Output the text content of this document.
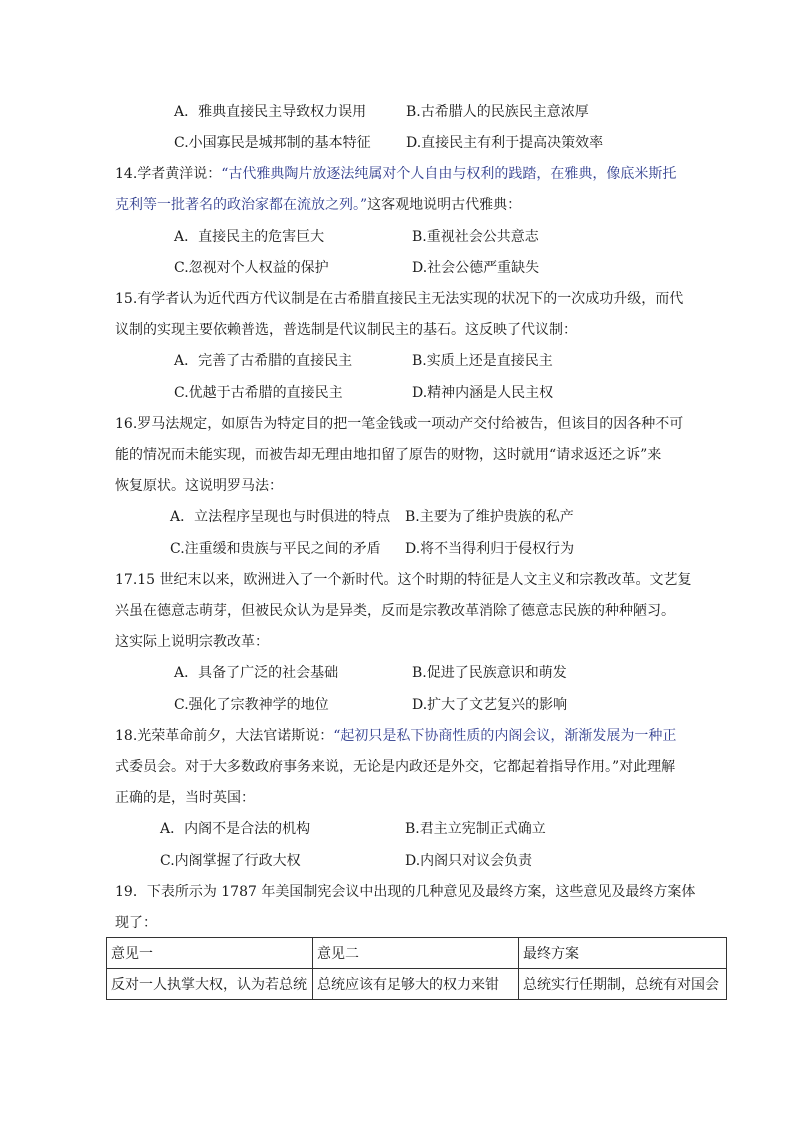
A．雅典直接民主导致权力误用	B.古希腊人的民族民主意浓厚
C.小国寡民是城邦制的基本特征	D.直接民主有利于提高决策效率
14.学者黄洋说：“古代雅典陶片放逐法纯属对个人自由与权利的践踏，在雅典，像底米斯托
克利等一批著名的政治家都在流放之列。”这客观地说明古代雅典：
A．直接民主的危害巨大	B.重视社会公共意志
C.忽视对个人权益的保护	D.社会公德严重缺失
15.有学者认为近代西方代议制是在古希腊直接民主无法实现的状况下的一次成功升级，而代
议制的实现主要依赖普选，普选制是代议制民主的基石。这反映了代议制：
A．完善了古希腊的直接民主	B.实质上还是直接民主
C.优越于古希腊的直接民主	D.精神内涵是人民主权
16.罗马法规定，如原告为特定目的把一笔金钱或一项动产交付给被告，但该目的因各种不可
能的情况而未能实现，而被告却无理由地扣留了原告的财物，这时就用“请求返还之诉”来
恢复原状。这说明罗马法：
A．立法程序呈现也与时俱进的特点 B.主要为了维护贵族的私产
C.注重缓和贵族与平民之间的矛盾 D.将不当得利归于侵权行为
17.15 世纪末以来，欧洲进入了一个新时代。这个时期的特征是人文主义和宗教改革。文艺复
兴虽在德意志萌芽，但被民众认为是异类，反而是宗教改革消除了德意志民族的种种陋习。
这实际上说明宗教改革：
A．具备了广泛的社会基础	B.促进了民族意识和萌发
C.强化了宗教神学的地位	D.扩大了文艺复兴的影响
18.光荣革命前夕，大法官诺斯说：“起初只是私下协商性质的内阁会议，渐渐发展为一种正
式委员会。对于大多数政府事务来说，无论是内政还是外交，它都起着指导作用。”对此理解
正确的是，当时英国：
A．内阁不是合法的机构	B.君主立宪制正式确立
C.内阁掌握了行政大权	D.内阁只对议会负责
19．下表所示为 1787 年美国制宪会议中出现的几种意见及最终方案，这些意见及最终方案体
现了：
意见一	意见二	最终方案
反对一人执掌大权，认为若总统	总统应该有足够大的权力来钳	总统实行任期制，总统有对国会
